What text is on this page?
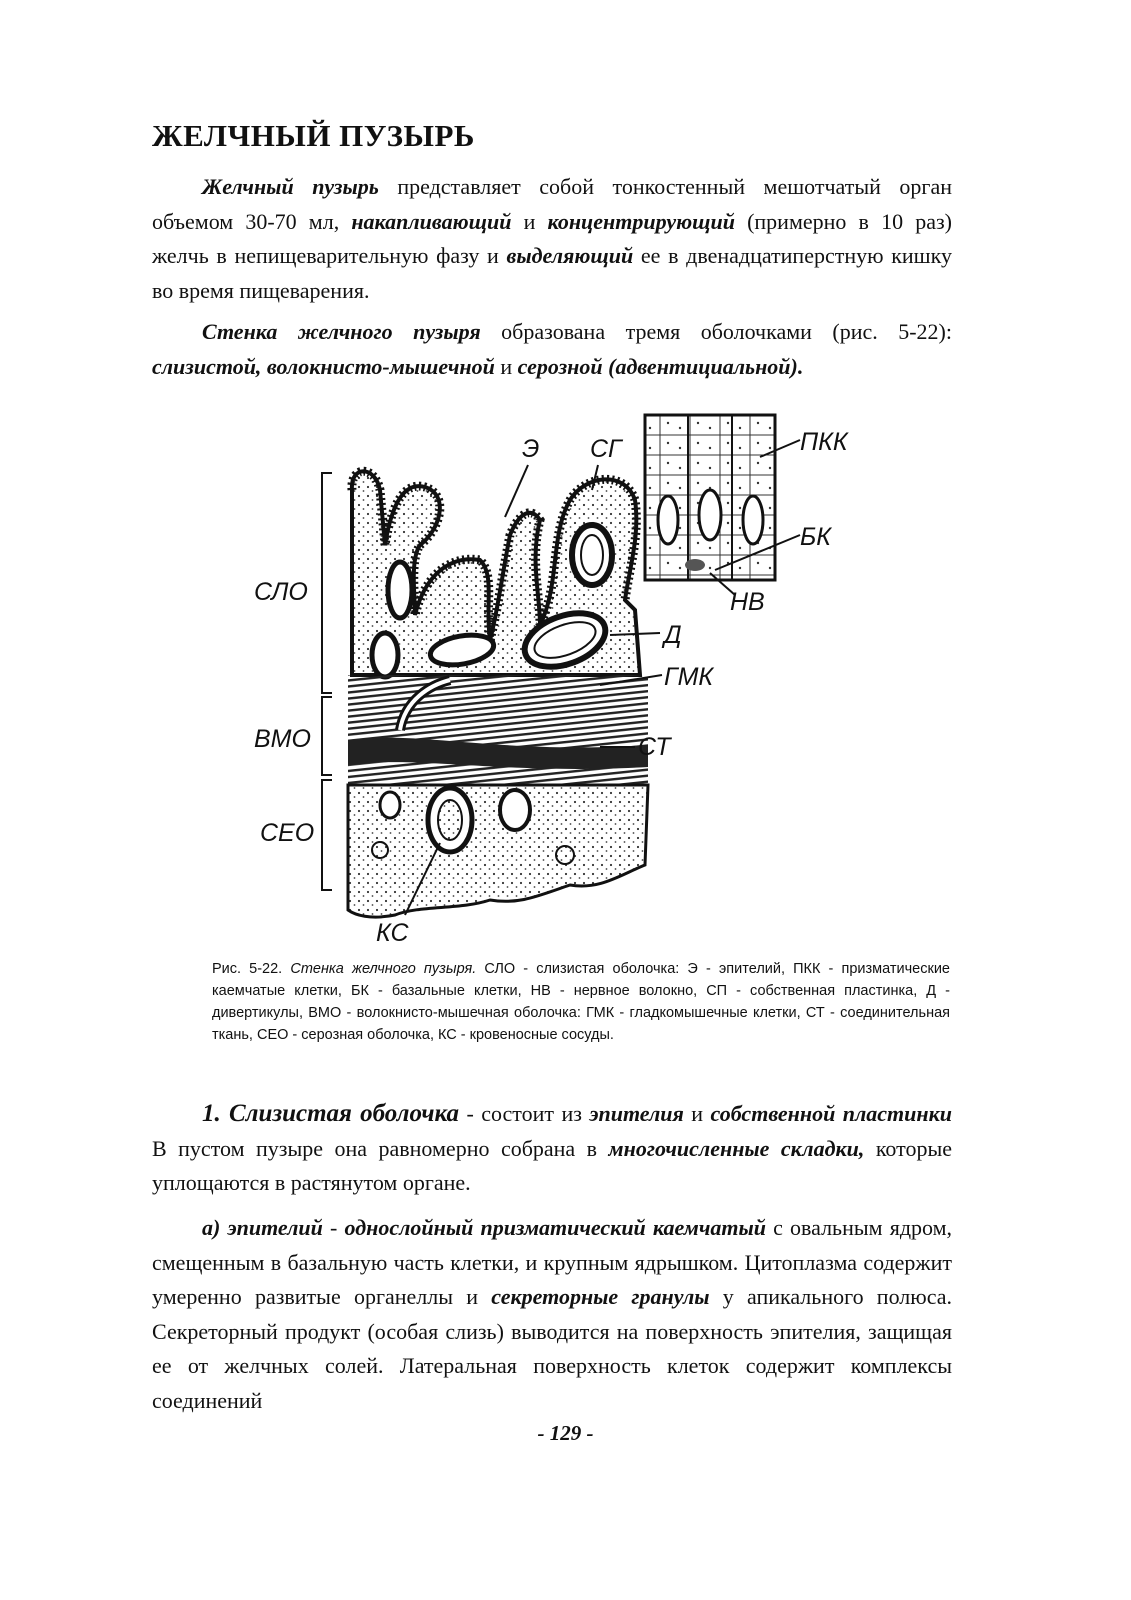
ЖЕЛЧНЫЙ ПУЗЫРЬ

Желчный пузырь представляет собой тонкостенный мешотчатый орган объемом 30-70 мл, накапливающий и концентрирующий (примерно в 10 раз) желчь в непищеварительную фазу и выделяющий ее в двенадцатиперстную кишку во время пищеварения.

Стенка желчного пузыря образована тремя оболочками (рис. 5-22): слизистой, волокнисто-мышечной и серозной (адвентициальной).

Э СГ	ПКК
БК
НВ
СЛО
Д
ГМК
ВМО	СТ
СЕО
КС

Рис. 5-22. Стенка желчного пузыря. СЛО - слизистая оболочка: Э - эпителий, ПКК - призматические каемчатые клетки, БК - базальные клетки, НВ - нервное волокно, СП - собственная пластинка, Д - дивертикулы, ВМО - волокнисто-мышечная оболочка: ГМК - гладкомышечные клетки, СТ - соединительная ткань, СЕО - серозная оболочка, КС - кровеносные сосуды.

1. Слизистая оболочка - состоит из эпителия и собственной пластинки В пустом пузыре она равномерно собрана в многочисленные складки, которые уплощаются в растянутом органе.

а) эпителий - однослойный призматический каемчатый с овальным ядром, смещенным в базальную часть клетки, и крупным ядрышком. Цитоплазма содержит умеренно развитые органеллы и секреторные гранулы у апикального полюса. Секреторный продукт (особая слизь) выводится на поверхность эпителия, защищая ее от желчных солей. Латеральная поверхность клеток содержит комплексы соединений

- 129 -
